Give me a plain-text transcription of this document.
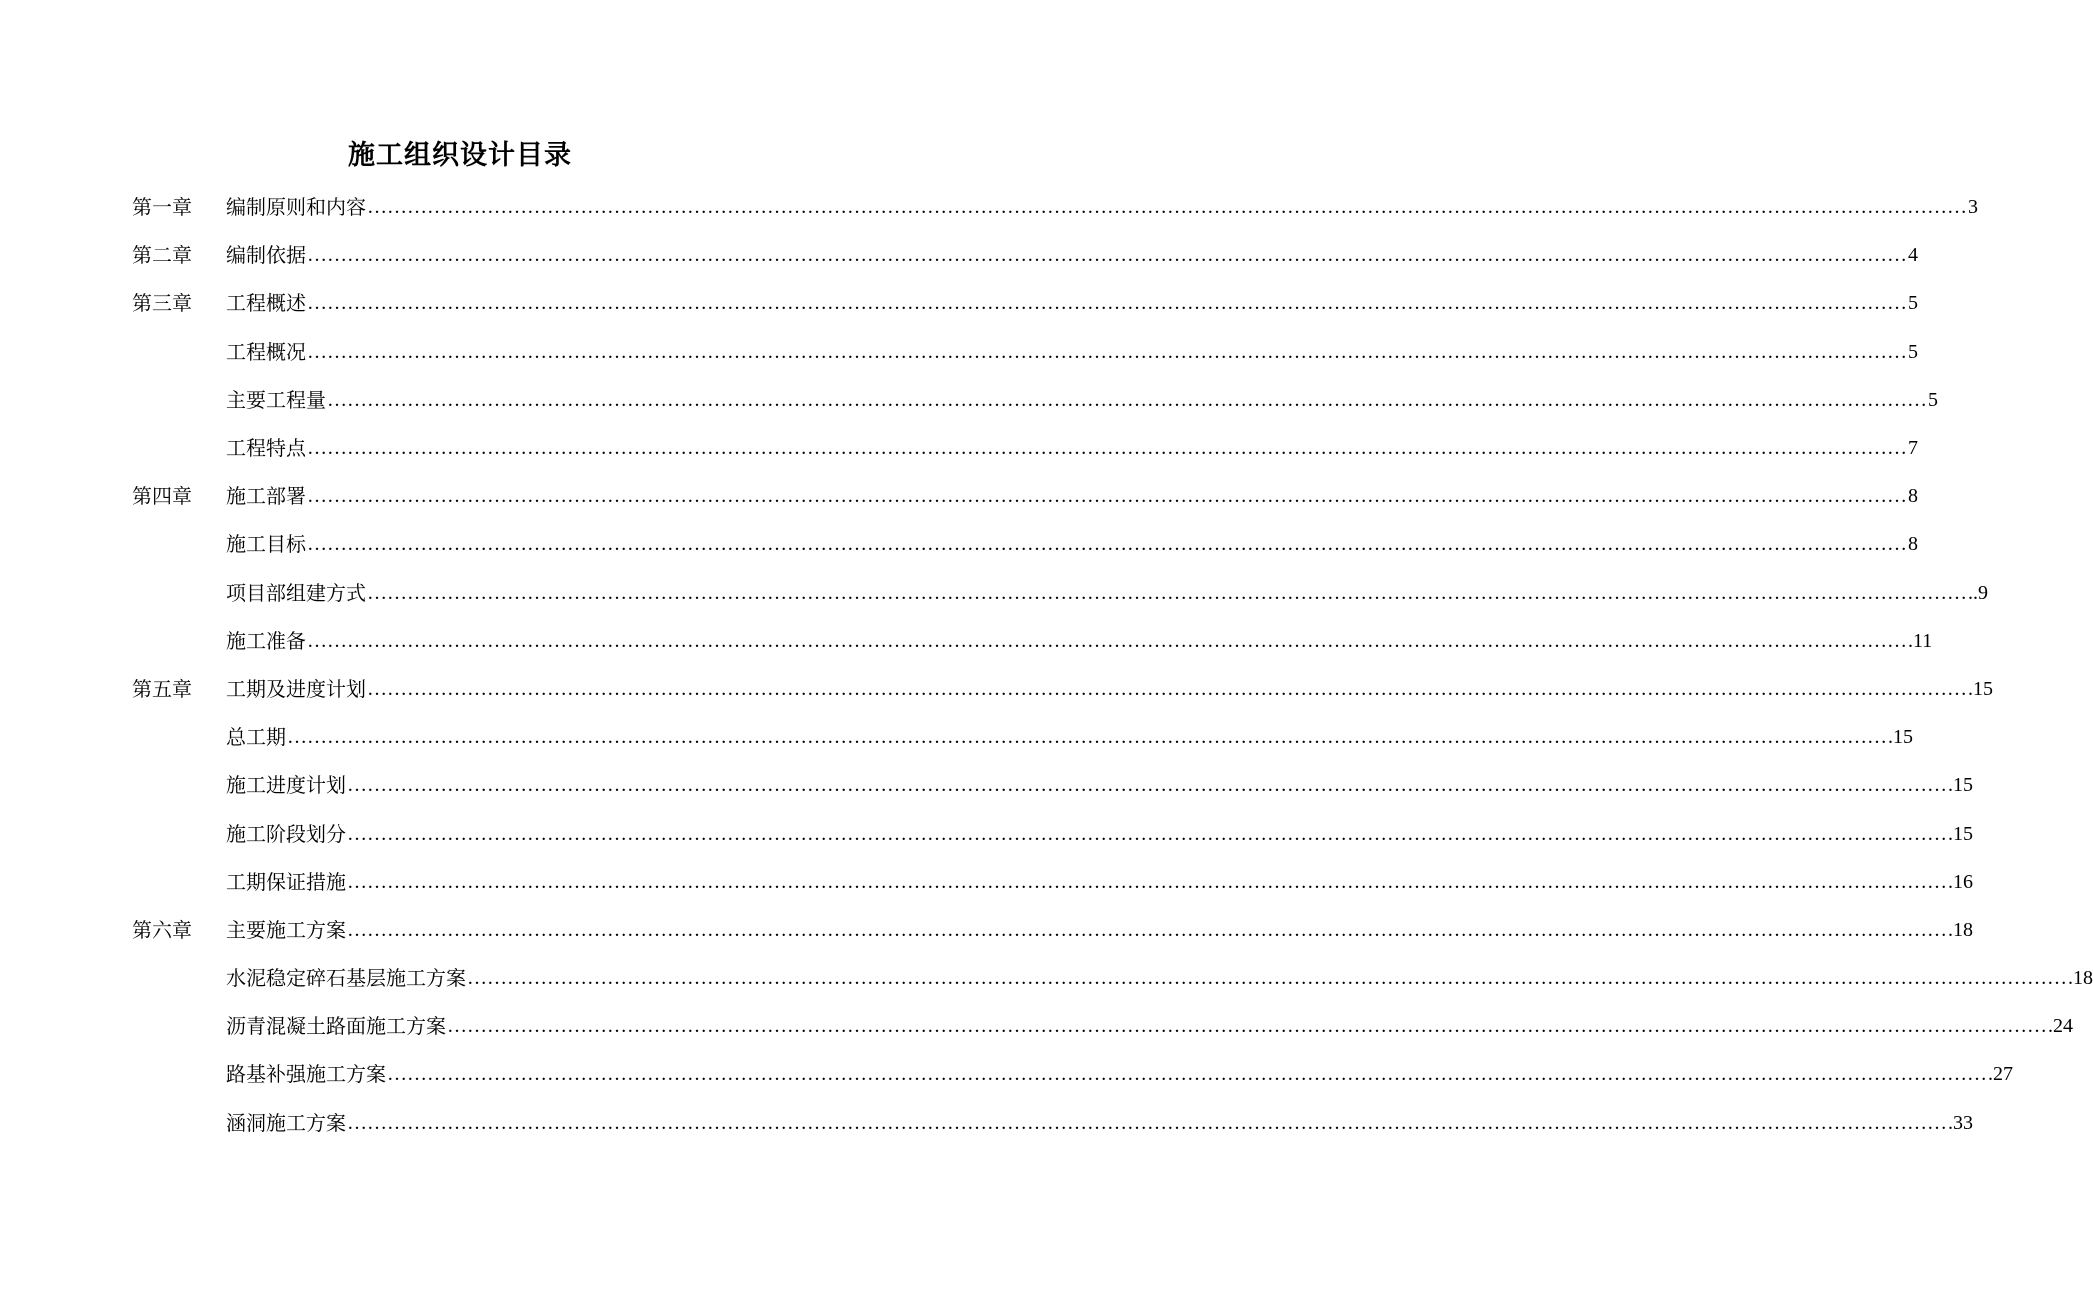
施工组织设计目录
第一章	编制原则和内容 …………………………………………………………………………………………………………………………………………………………………………………………………………………… 3
第二章	编制依据 …………………………………………………………………………………………………………………………………………………………………………………………………………………… 4
第三章	工程概述 …………………………………………………………………………………………………………………………………………………………………………………………………………………… 5
工程概况 …………………………………………………………………………………………………………………………………………………………………………………………………………………… 5
主要工程量 …………………………………………………………………………………………………………………………………………………………………………………………………………………… 5
工程特点 …………………………………………………………………………………………………………………………………………………………………………………………………………………… 7
第四章	施工部署 …………………………………………………………………………………………………………………………………………………………………………………………………………………… 8
施工目标 …………………………………………………………………………………………………………………………………………………………………………………………………………………… 8
项目部组建方式 …………………………………………………………………………………………………………………………………………………………………………………………………………………… ..9
施工准备 …………………………………………………………………………………………………………………………………………………………………………………………………………………… .11
第五章	工期及进度计划 …………………………………………………………………………………………………………………………………………………………………………………………………………………… .15
总工期 …………………………………………………………………………………………………………………………………………………………………………………………………………………… .15
施工进度计划 …………………………………………………………………………………………………………………………………………………………………………………………………………………… .15
施工阶段划分 …………………………………………………………………………………………………………………………………………………………………………………………………………………… .15
工期保证措施 …………………………………………………………………………………………………………………………………………………………………………………………………………………… .16
第六章	主要施工方案 …………………………………………………………………………………………………………………………………………………………………………………………………………………… .18
水泥稳定碎石基层施工方案 …………………………………………………………………………………………………………………………………………………………………………………………………………………… .18
沥青混凝土路面施工方案 …………………………………………………………………………………………………………………………………………………………………………………………………………………… .24
路基补强施工方案 …………………………………………………………………………………………………………………………………………………………………………………………………………………… .27
涵洞施工方案 …………………………………………………………………………………………………………………………………………………………………………………………………………………… .33
